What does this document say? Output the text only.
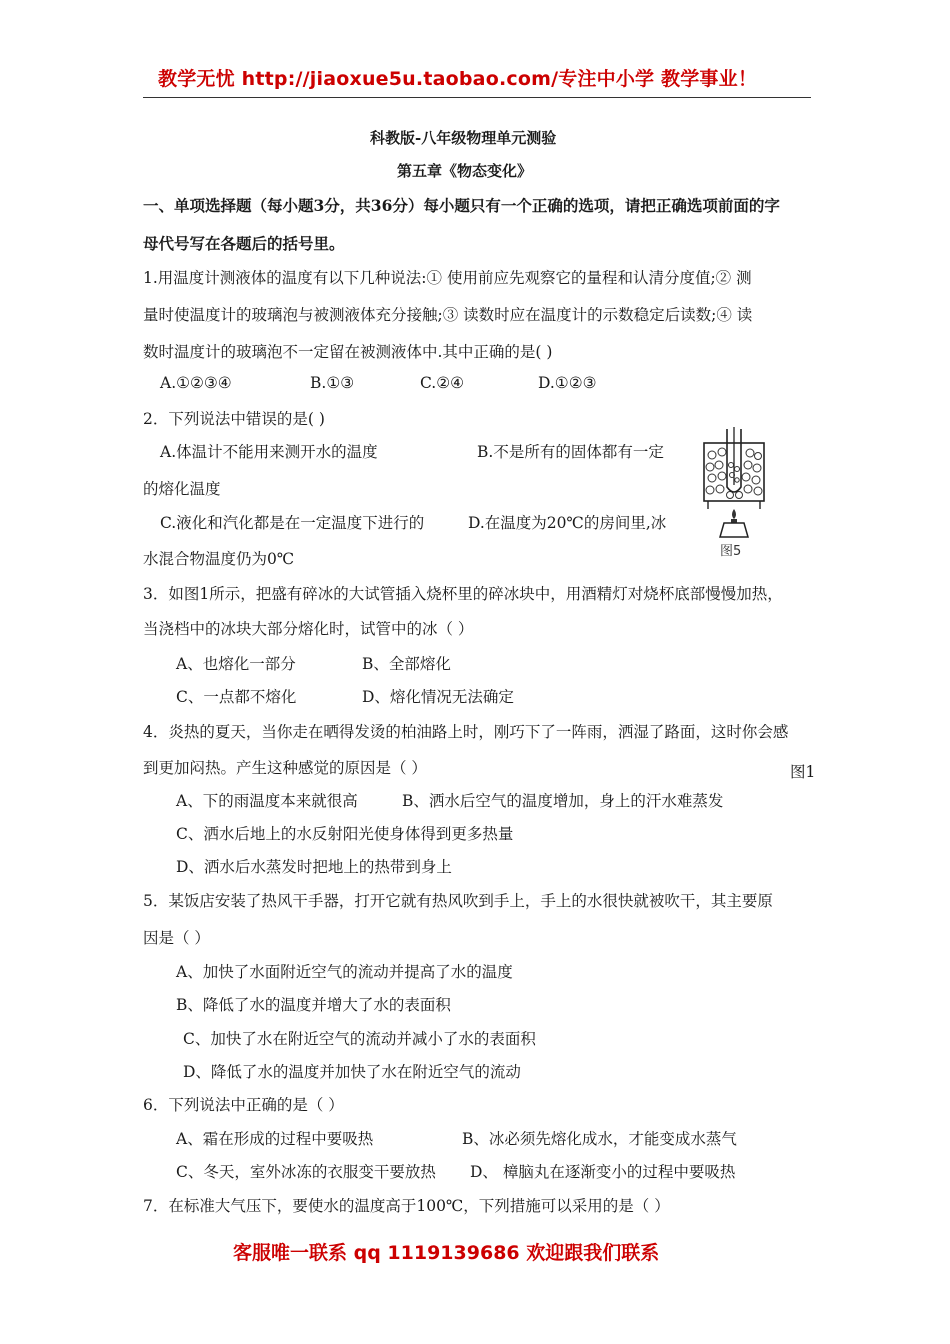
教学无忧 http://jiaoxue5u.taobao.com/专注中小学 教学事业！
科教版-八年级物理单元测验
第五章《物态变化》
一、单项选择题（每小题3分，共36分）每小题只有一个正确的选项，请把正确选项前面的字
母代号写在各题后的括号里。
1.用温度计测液体的温度有以下几种说法:① 使用前应先观察它的量程和认清分度值;② 测
量时使温度计的玻璃泡与被测液体充分接触;③ 读数时应在温度计的示数稳定后读数;④ 读
数时温度计的玻璃泡不一定留在被测液体中.其中正确的是( )
A.①②③④	B.①③	C.②④	D.①②③
2．下列说法中错误的是( )
A.体温计不能用来测开水的温度	B.不是所有的固体都有一定
的熔化温度
C.液化和汽化都是在一定温度下进行的	D.在温度为20℃的房间里,冰
水混合物温度仍为0℃	图5
3．如图1所示，把盛有碎冰的大试管插入烧杯里的碎冰块中，用酒精灯对烧杯底部慢慢加热，
当浇档中的冰块大部分熔化时，试管中的冰（ ）
A、也熔化一部分	B、全部熔化
C、一点都不熔化	D、熔化情况无法确定
4．炎热的夏天，当你走在晒得发烫的柏油路上时，刚巧下了一阵雨，洒湿了路面，这时你会感
到更加闷热。产生这种感觉的原因是（ ）	图1
A、下的雨温度本来就很高	B、洒水后空气的温度增加，身上的汗水难蒸发
C、洒水后地上的水反射阳光使身体得到更多热量
D、洒水后水蒸发时把地上的热带到身上
5．某饭店安装了热风干手器，打开它就有热风吹到手上，手上的水很快就被吹干，其主要原
因是（ ）
A、加快了水面附近空气的流动并提高了水的温度
B、降低了水的温度并增大了水的表面积
C、加快了水在附近空气的流动并减小了水的表面积
D、降低了水的温度并加快了水在附近空气的流动
6．下列说法中正确的是（ ）
A、霜在形成的过程中要吸热	B、冰必须先熔化成水，才能变成水蒸气
C、冬天，室外冰冻的衣服变干要放热 D、 樟脑丸在逐渐变小的过程中要吸热
7．在标准大气压下，要使水的温度高于100℃，下列措施可以采用的是（ ）
客服唯一联系 qq 1119139686 欢迎跟我们联系
